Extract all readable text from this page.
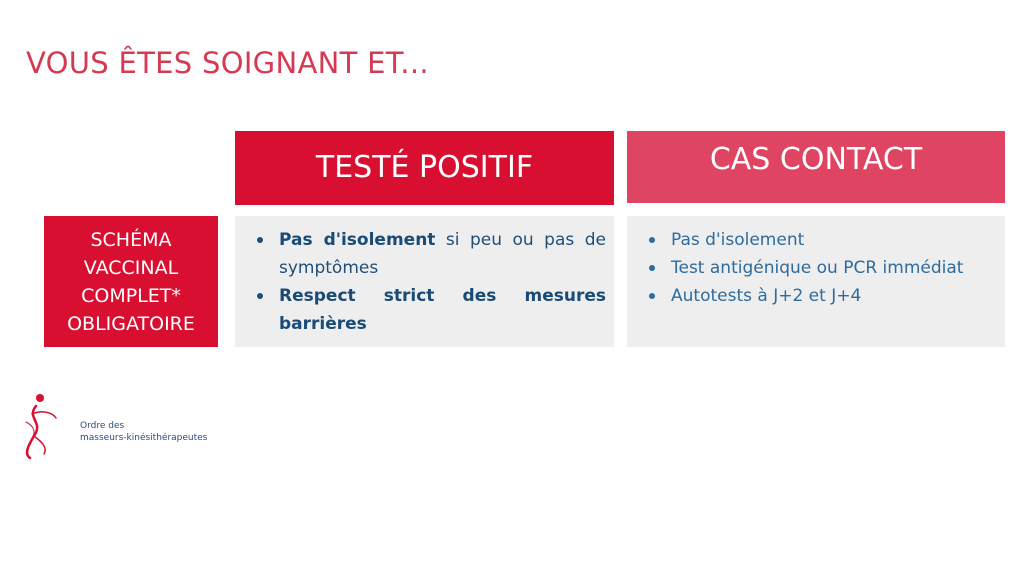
VOUS ÊTES SOIGNANT ET...
TESTÉ POSITIF	CAS CONTACT
SCHÉMA
VACCINAL
COMPLET*
OBLIGATOIRE
Pas d'isolement si peu ou pas de symptômes
Respect strict des mesures barrières
Pas d'isolement
Test antigénique ou PCR immédiat
Autotests à J+2 et J+4
Ordre des
masseurs-kinésithérapeutes
